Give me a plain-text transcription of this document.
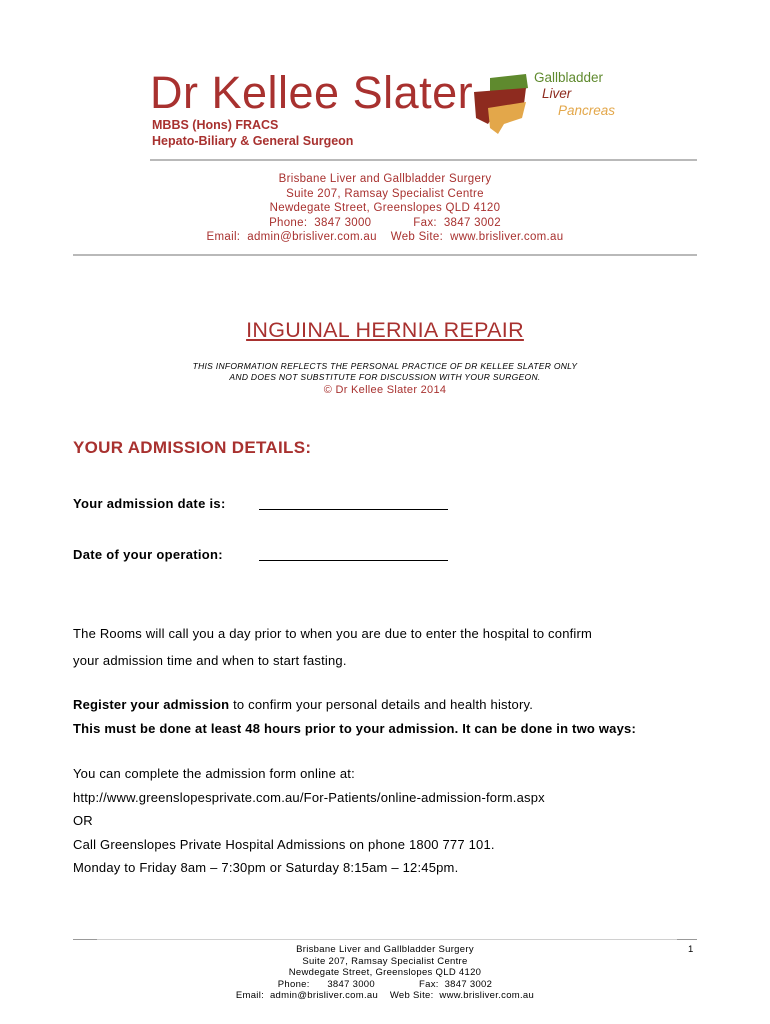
Dr Kellee Slater
MBBS (Hons) FRACS
Hepato-Biliary & General Surgeon
Gallbladder
Liver
Pancreas
Brisbane Liver and Gallbladder Surgery
Suite 207, Ramsay Specialist Centre
Newdegate Street, Greenslopes QLD 4120
Phone:  3847 3000            Fax:  3847 3002
Email:  admin@brisliver.com.au    Web Site:  www.brisliver.com.au
INGUINAL HERNIA REPAIR
THIS INFORMATION REFLECTS THE PERSONAL PRACTICE OF DR KELLEE SLATER ONLY
AND DOES NOT SUBSTITUTE FOR DISCUSSION WITH YOUR SURGEON.
© Dr Kellee Slater 2014
YOUR ADMISSION DETAILS:
Your admission date is:
Date of your operation:
The Rooms will call you a day prior to when you are due to enter the hospital to confirm
your admission time and when to start fasting.
Register your admission to confirm your personal details and health history.
This must be done at least 48 hours prior to your admission. It can be done in two ways:
You can complete the admission form online at:
http://www.greenslopesprivate.com.au/For-Patients/online-admission-form.aspx
OR
Call Greenslopes Private Hospital Admissions on phone 1800 777 101.
Monday to Friday 8am – 7:30pm or Saturday 8:15am – 12:45pm.
Brisbane Liver and Gallbladder Surgery
Suite 207, Ramsay Specialist Centre
Newdegate Street, Greenslopes QLD 4120
Phone:      3847 3000               Fax:  3847 3002
Email:  admin@brisliver.com.au    Web Site:  www.brisliver.com.au
1
